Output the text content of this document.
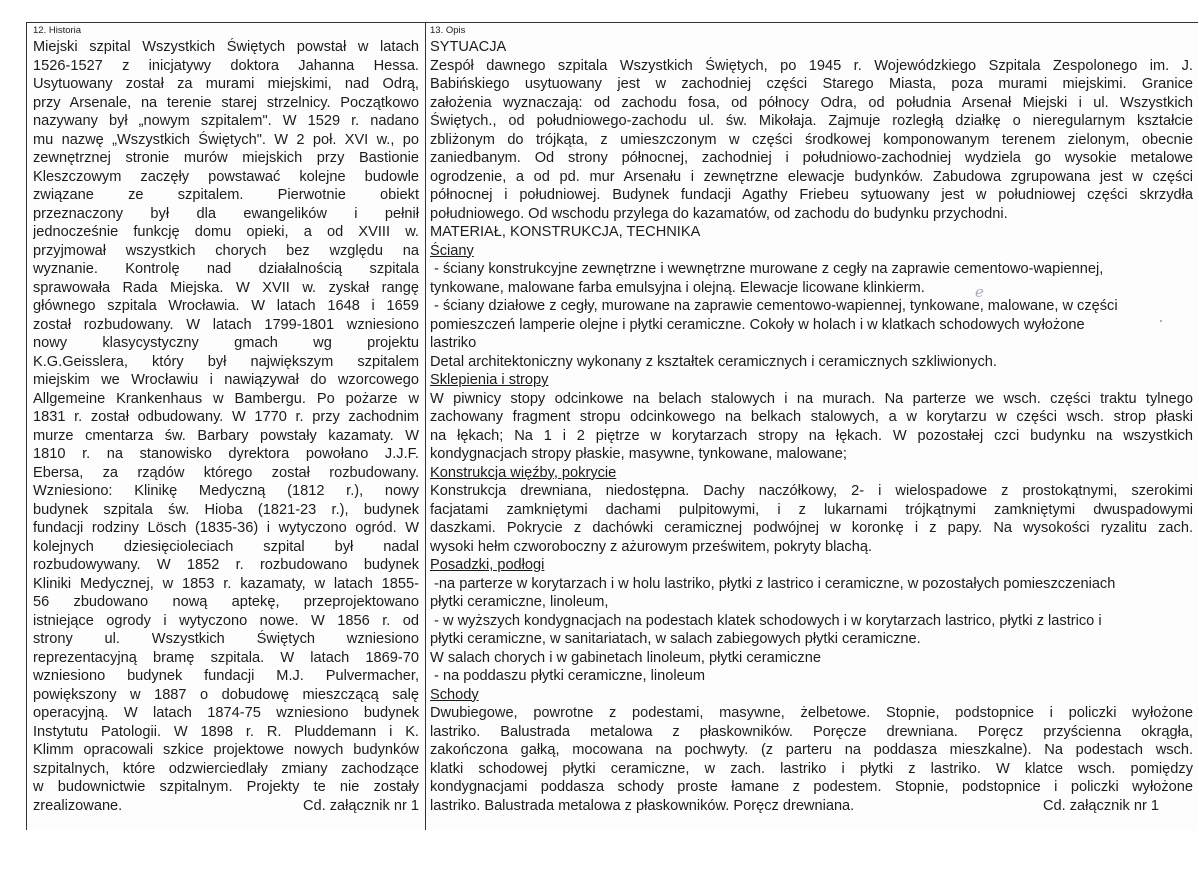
12. Historia
Miejski szpital Wszystkich Świętych powstał w latach
1526-1527 z inicjatywy doktora Jahanna Hessa.
Usytuowany został za murami miejskimi, nad Odrą,
przy Arsenale, na terenie starej strzelnicy. Początkowo
nazywany był „nowym szpitalem". W 1529 r. nadano
mu nazwę „Wszystkich Świętych". W 2 poł. XVI w., po
zewnętrznej stronie murów miejskich przy Bastionie
Kleszczowym zaczęły powstawać kolejne budowle
związane ze szpitalem. Pierwotnie obiekt
przeznaczony był dla ewangelików i pełnił
jednocześnie funkcję domu opieki, a od XVIII w.
przyjmował wszystkich chorych bez względu na
wyznanie. Kontrolę nad działalnością szpitala
sprawowała Rada Miejska. W XVII w. zyskał rangę
głównego szpitala Wrocławia. W latach 1648 i 1659
został rozbudowany. W latach 1799-1801 wzniesiono
nowy klasycystyczny gmach wg projektu
K.G.Geisslera, który był największym szpitalem
miejskim we Wrocławiu i nawiązywał do wzorcowego
Allgemeine Krankenhaus w Bambergu. Po pożarze w
1831 r. został odbudowany. W 1770 r. przy zachodnim
murze cmentarza św. Barbary powstały kazamaty. W
1810 r. na stanowisko dyrektora powołano J.J.F.
Ebersa, za rządów którego został rozbudowany.
Wzniesiono: Klinikę Medyczną (1812 r.), nowy
budynek szpitala św. Hioba (1821-23 r.), budynek
fundacji rodziny Lösch (1835-36) i wytyczono ogród. W
kolejnych dziesięcioleciach szpital był nadal
rozbudowywany. W 1852 r. rozbudowano budynek
Kliniki Medycznej, w 1853 r. kazamaty, w latach 1855-
56 zbudowano nową aptekę, przeprojektowano
istniejące ogrody i wytyczono nowe. W 1856 r. od
strony ul. Wszystkich Świętych wzniesiono
reprezentacyjną bramę szpitala. W latach 1869-70
wzniesiono budynek fundacji M.J. Pulvermacher,
powiększony w 1887 o dobudowę mieszczącą salę
operacyjną. W latach 1874-75 wzniesiono budynek
Instytutu Patologii. W 1898 r. R. Pluddemann i K.
Klimm opracowali szkice projektowe nowych budynków
szpitalnych, które odzwierciedlały zmiany zachodzące
w budownictwie szpitalnym. Projekty te nie zostały
zrealizowane.	Cd. załącznik nr 1
13. Opis
SYTUACJA
Zespół dawnego szpitala Wszystkich Świętych, po 1945 r. Wojewódzkiego Szpitala Zespolonego im. J.
Babińskiego usytuowany jest w zachodniej części Starego Miasta, poza murami miejskimi. Granice
założenia wyznaczają: od zachodu fosa, od północy Odra, od południa Arsenał Miejski i ul. Wszystkich
Świętych., od południowego-zachodu ul. św. Mikołaja. Zajmuje rozległą działkę o nieregularnym kształcie
zbliżonym do trójkąta, z umieszczonym w części środkowej komponowanym terenem zielonym, obecnie
zaniedbanym. Od strony północnej, zachodniej i południowo-zachodniej wydziela go wysokie metalowe
ogrodzenie, a od pd. mur Arsenału i zewnętrzne elewacje budynków. Zabudowa zgrupowana jest w części
północnej i południowej. Budynek fundacji Agathy Friebeu sytuowany jest w południowej części skrzydła
południowego. Od wschodu przylega do kazamatów, od zachodu do budynku przychodni.
MATERIAŁ, KONSTRUKCJA, TECHNIKA
Ściany
- ściany konstrukcyjne zewnętrzne i wewnętrzne murowane z cegły na zaprawie cementowo-wapiennej,
tynkowane, malowane farba emulsyjna i olejną. Elewacje licowane klinkierm.
- ściany działowe z cegły, murowane na zaprawie cementowo-wapiennej, tynkowane, malowane, w części
pomieszczeń lamperie olejne i płytki ceramiczne. Cokoły w holach i w klatkach schodowych wyłożone
lastriko
Detal architektoniczny wykonany z kształtek ceramicznych i ceramicznych szkliwionych.
Sklepienia i stropy
W piwnicy stopy odcinkowe na belach stalowych i na murach. Na parterze we wsch. części traktu tylnego
zachowany fragment stropu odcinkowego na belkach stalowych, a w korytarzu w części wsch. strop płaski
na łękach; Na 1 i 2 piętrze w korytarzach stropy na łękach. W pozostałej czci budynku na wszystkich
kondygnacjach stropy płaskie, masywne, tynkowane, malowane;
Konstrukcja więźby, pokrycie
Konstrukcja drewniana, niedostępna. Dachy naczółkowy, 2- i wielospadowe z prostokątnymi, szerokimi
facjatami zamkniętymi dachami pulpitowymi, i z lukarnami trójkątnymi zamkniętymi dwuspadowymi
daszkami. Pokrycie z dachówki ceramicznej podwójnej w koronkę i z papy. Na wysokości ryzalitu zach.
wysoki hełm czworoboczny z ażurowym prześwitem, pokryty blachą.
Posadzki, podłogi
-na parterze w korytarzach i w holu lastriko, płytki z lastrico i ceramiczne, w pozostałych pomieszczeniach
płytki ceramiczne, linoleum,
- w wyższych kondygnacjach na podestach klatek schodowych i w korytarzach lastrico, płytki z lastrico i
płytki ceramiczne, w sanitariatach, w salach zabiegowych płytki ceramiczne.
W salach chorych i w gabinetach linoleum, płytki ceramiczne
- na poddaszu płytki ceramiczne, linoleum
Schody
Dwubiegowe, powrotne z podestami, masywne, żelbetowe. Stopnie, podstopnice i policzki wyłożone
lastriko. Balustrada metalowa z płaskowników. Poręcze drewniana. Poręcz przyścienna okrągła,
zakończona gałką, mocowana na pochwyty. (z parteru na poddasza mieszkalne). Na podestach wsch.
klatki schodowej płytki ceramiczne, w zach. lastriko i płytki z lastriko. W klatce wsch. pomiędzy
kondygnacjami poddasza schody proste łamane z podestem. Stopnie, podstopnice i policzki wyłożone
lastriko. Balustrada metalowa z płaskowników. Poręcz drewniana.	Cd. załącznik nr 1
e
